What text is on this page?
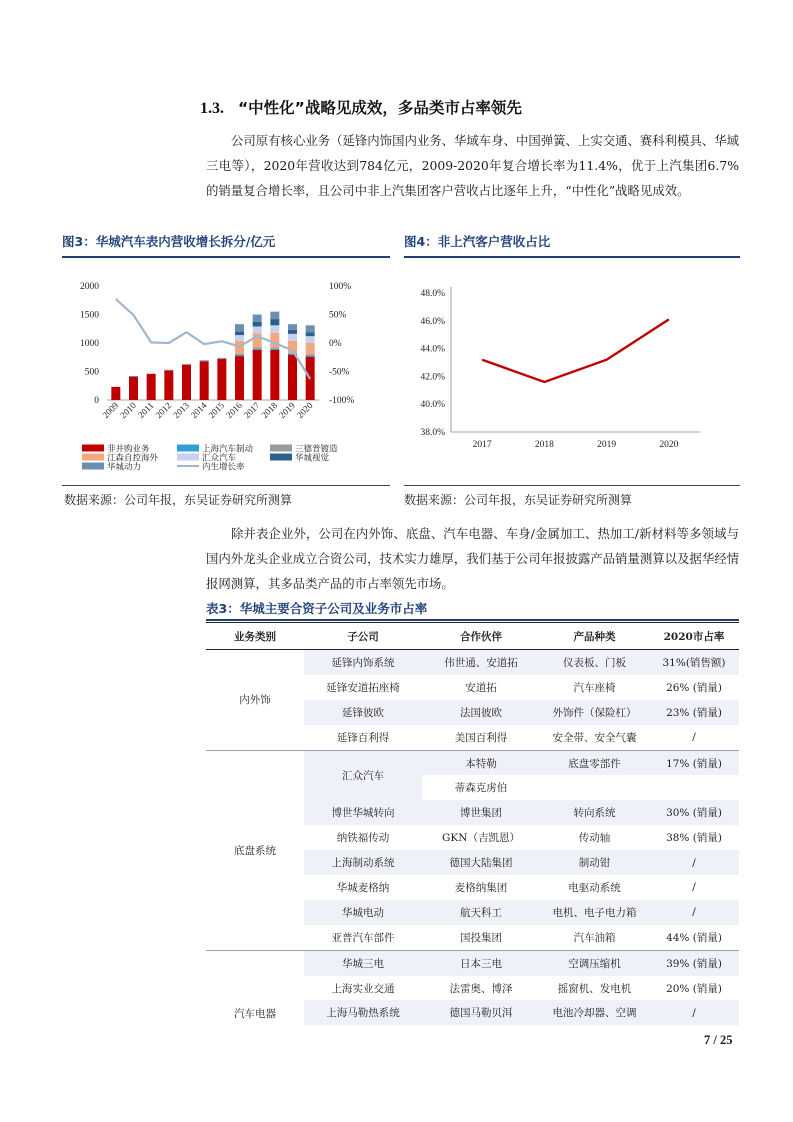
1.3. “中性化”战略见成效，多品类市占率领先

公司原有核心业务（延锋内饰国内业务、华域车身、中国弹簧、上实交通、赛科利模具、华域三电等），2020年营收达到784亿元，2009-2020年复合增长率为11.4%，优于上汽集团6.7%的销量复合增长率，且公司中非上汽集团客户营收占比逐年上升，“中性化”战略见成效。

图3：华城汽车表内营收增长拆分/亿元	图4：非上汽客户营收占比
0
500
1000
1500
2000
-100%
-50%
0%
50%
100%
2009
2010
2011
2012
2013
2014
2015
2016
2017
2018
2019
2020
非并购业务	上海汽车制动	三德普镀造
江森自控海外	汇众汽车	华城视觉
华城动力	内生增长率
38.0%
40.0%
42.0%
44.0%
46.0%
48.0%
2017	2018	2019	2020
数据来源：公司年报，东吴证券研究所测算	数据来源：公司年报，东吴证券研究所测算

除并表企业外，公司在内外饰、底盘、汽车电器、车身/金属加工、热加工/新材料等多领域与国内外龙头企业成立合资公司，技术实力雄厚，我们基于公司年报披露产品销量测算以及据华经情报网测算，其多品类产品的市占率领先市场。

表3：华城主要合资子公司及业务市占率
业务类别	子公司	合作伙伴	产品种类	2020市占率
内外饰	延锋内饰系统	伟世通、安道拓	仪表板、门板	31%(销售额)
	延锋安道拓座椅	安道拓	汽车座椅	26% (销量)
	延锋彼欧	法国彼欧	外饰件（保险杠）	23% (销量)
	延锋百利得	美国百利得	安全带、安全气囊	/
底盘系统	汇众汽车	本特勒	底盘零部件	17% (销量)
		蒂森克虏伯		
	博世华城转向	博世集团	转向系统	30% (销量)
	纳铁福传动	GKN（吉凯恩）	传动轴	38% (销量)
	上海制动系统	德国大陆集团	制动钳	/
	华城麦格纳	麦格纳集团	电驱动系统	/
	华城电动	航天科工	电机、电子电力箱	/
	亚普汽车部件	国投集团	汽车油箱	44% (销量)
汽车电器	华城三电	日本三电	空调压缩机	39% (销量)
	上海实业交通	法雷奥、博泽	摇窗机、发电机	20% (销量)
	上海马勒热系统	德国马勒贝洱	电池冷却器、空调	/
7 / 25
